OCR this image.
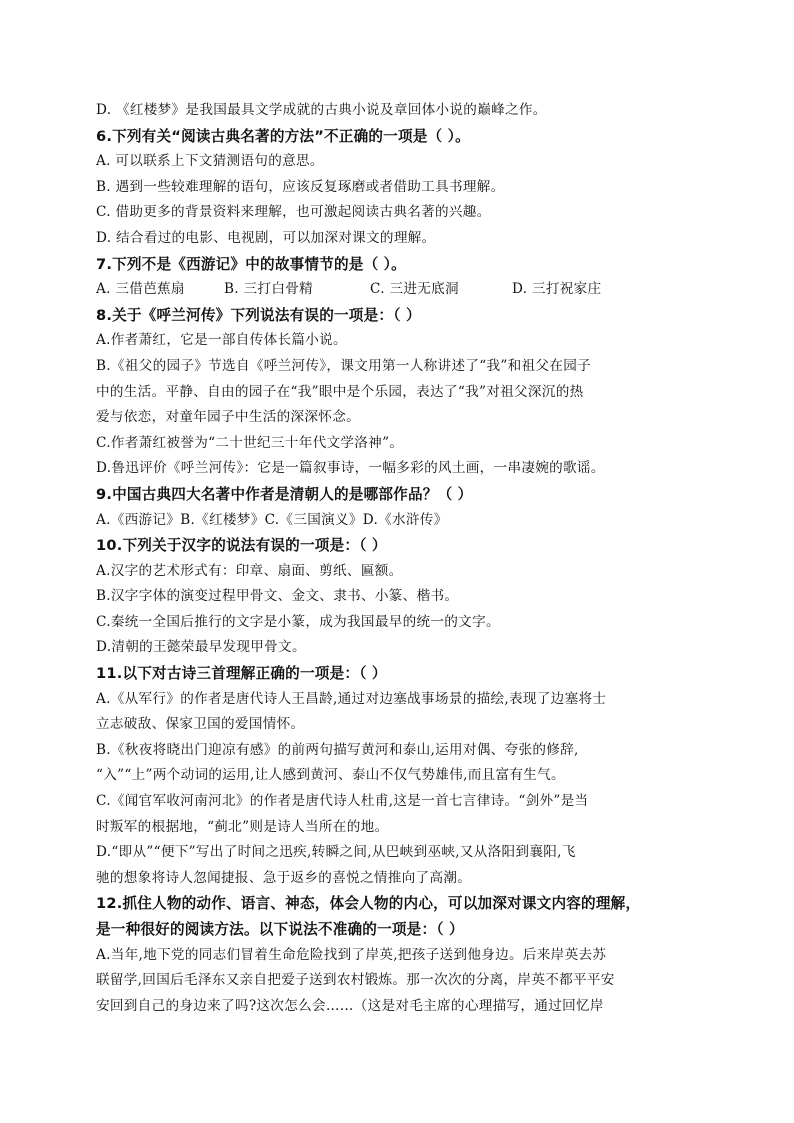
D. 《红楼梦》是我国最具文学成就的古典小说及章回体小说的巅峰之作。

6.下列有关“阅读古典名著的方法”不正确的一项是（ ）。

A. 可以联系上下文猜测语句的意思。

B. 遇到一些较难理解的语句，应该反复琢磨或者借助工具书理解。

C. 借助更多的背景资料来理解，也可激起阅读古典名著的兴趣。

D. 结合看过的电影、电视剧，可以加深对课文的理解。

7.下列不是《西游记》中的故事情节的是（ ）。

A. 三借芭蕉扇	B. 三打白骨精	C. 三进无底洞	D. 三打祝家庄

8.关于《呼兰河传》下列说法有误的一项是：（ ）

A.作者萧红，它是一部自传体长篇小说。

B.《祖父的园子》节选自《呼兰河传》，课文用第一人称讲述了“我”和祖父在园子

中的生活。平静、自由的园子在“我”眼中是个乐园，表达了“我”对祖父深沉的热

爱与依恋，对童年园子中生活的深深怀念。

C.作者萧红被誉为“二十世纪三十年代文学洛神”。

D.鲁迅评价《呼兰河传》：它是一篇叙事诗，一幅多彩的风土画，一串凄婉的歌谣。

9.中国古典四大名著中作者是清朝人的是哪部作品？（ ）

A.《西游记》B.《红楼梦》C.《三国演义》D.《水浒传》

10.下列关于汉字的说法有误的一项是：（ ）

A.汉字的艺术形式有：印章、扇面、剪纸、匾额。

B.汉字字体的演变过程甲骨文、金文、隶书、小篆、楷书。

C.秦统一全国后推行的文字是小篆，成为我国最早的统一的文字。

D.清朝的王懿荣最早发现甲骨文。

11.以下对古诗三首理解正确的一项是：（ ）

A.《从军行》的作者是唐代诗人王昌龄,通过对边塞战事场景的描绘,表现了边塞将士

立志破敌、保家卫国的爱国情怀。

B.《秋夜将晓出门迎凉有感》的前两句描写黄河和泰山,运用对偶、夸张的修辞,

“入”“上”两个动词的运用,让人感到黄河、泰山不仅气势雄伟,而且富有生气。

C.《闻官军收河南河北》的作者是唐代诗人杜甫,这是一首七言律诗。“剑外”是当

时叛军的根据地，“蓟北”则是诗人当所在的地。

D.“即从”“便下”写出了时间之迅疾,转瞬之间,从巴峡到巫峡,又从洛阳到襄阳,飞

驰的想象将诗人忽闻捷报、急于返乡的喜悦之情推向了高潮。

12.抓住人物的动作、语言、神态，体会人物的内心，可以加深对课文内容的理解，

是一种很好的阅读方法。以下说法不准确的一项是：（ ）

A.当年,地下党的同志们冒着生命危险找到了岸英,把孩子送到他身边。后来岸英去苏

联留学,回国后毛泽东又亲自把爱子送到农村锻炼。那一次次的分离，岸英不都平平安

安回到自己的身边来了吗?这次怎么会……（这是对毛主席的心理描写，通过回忆岸
